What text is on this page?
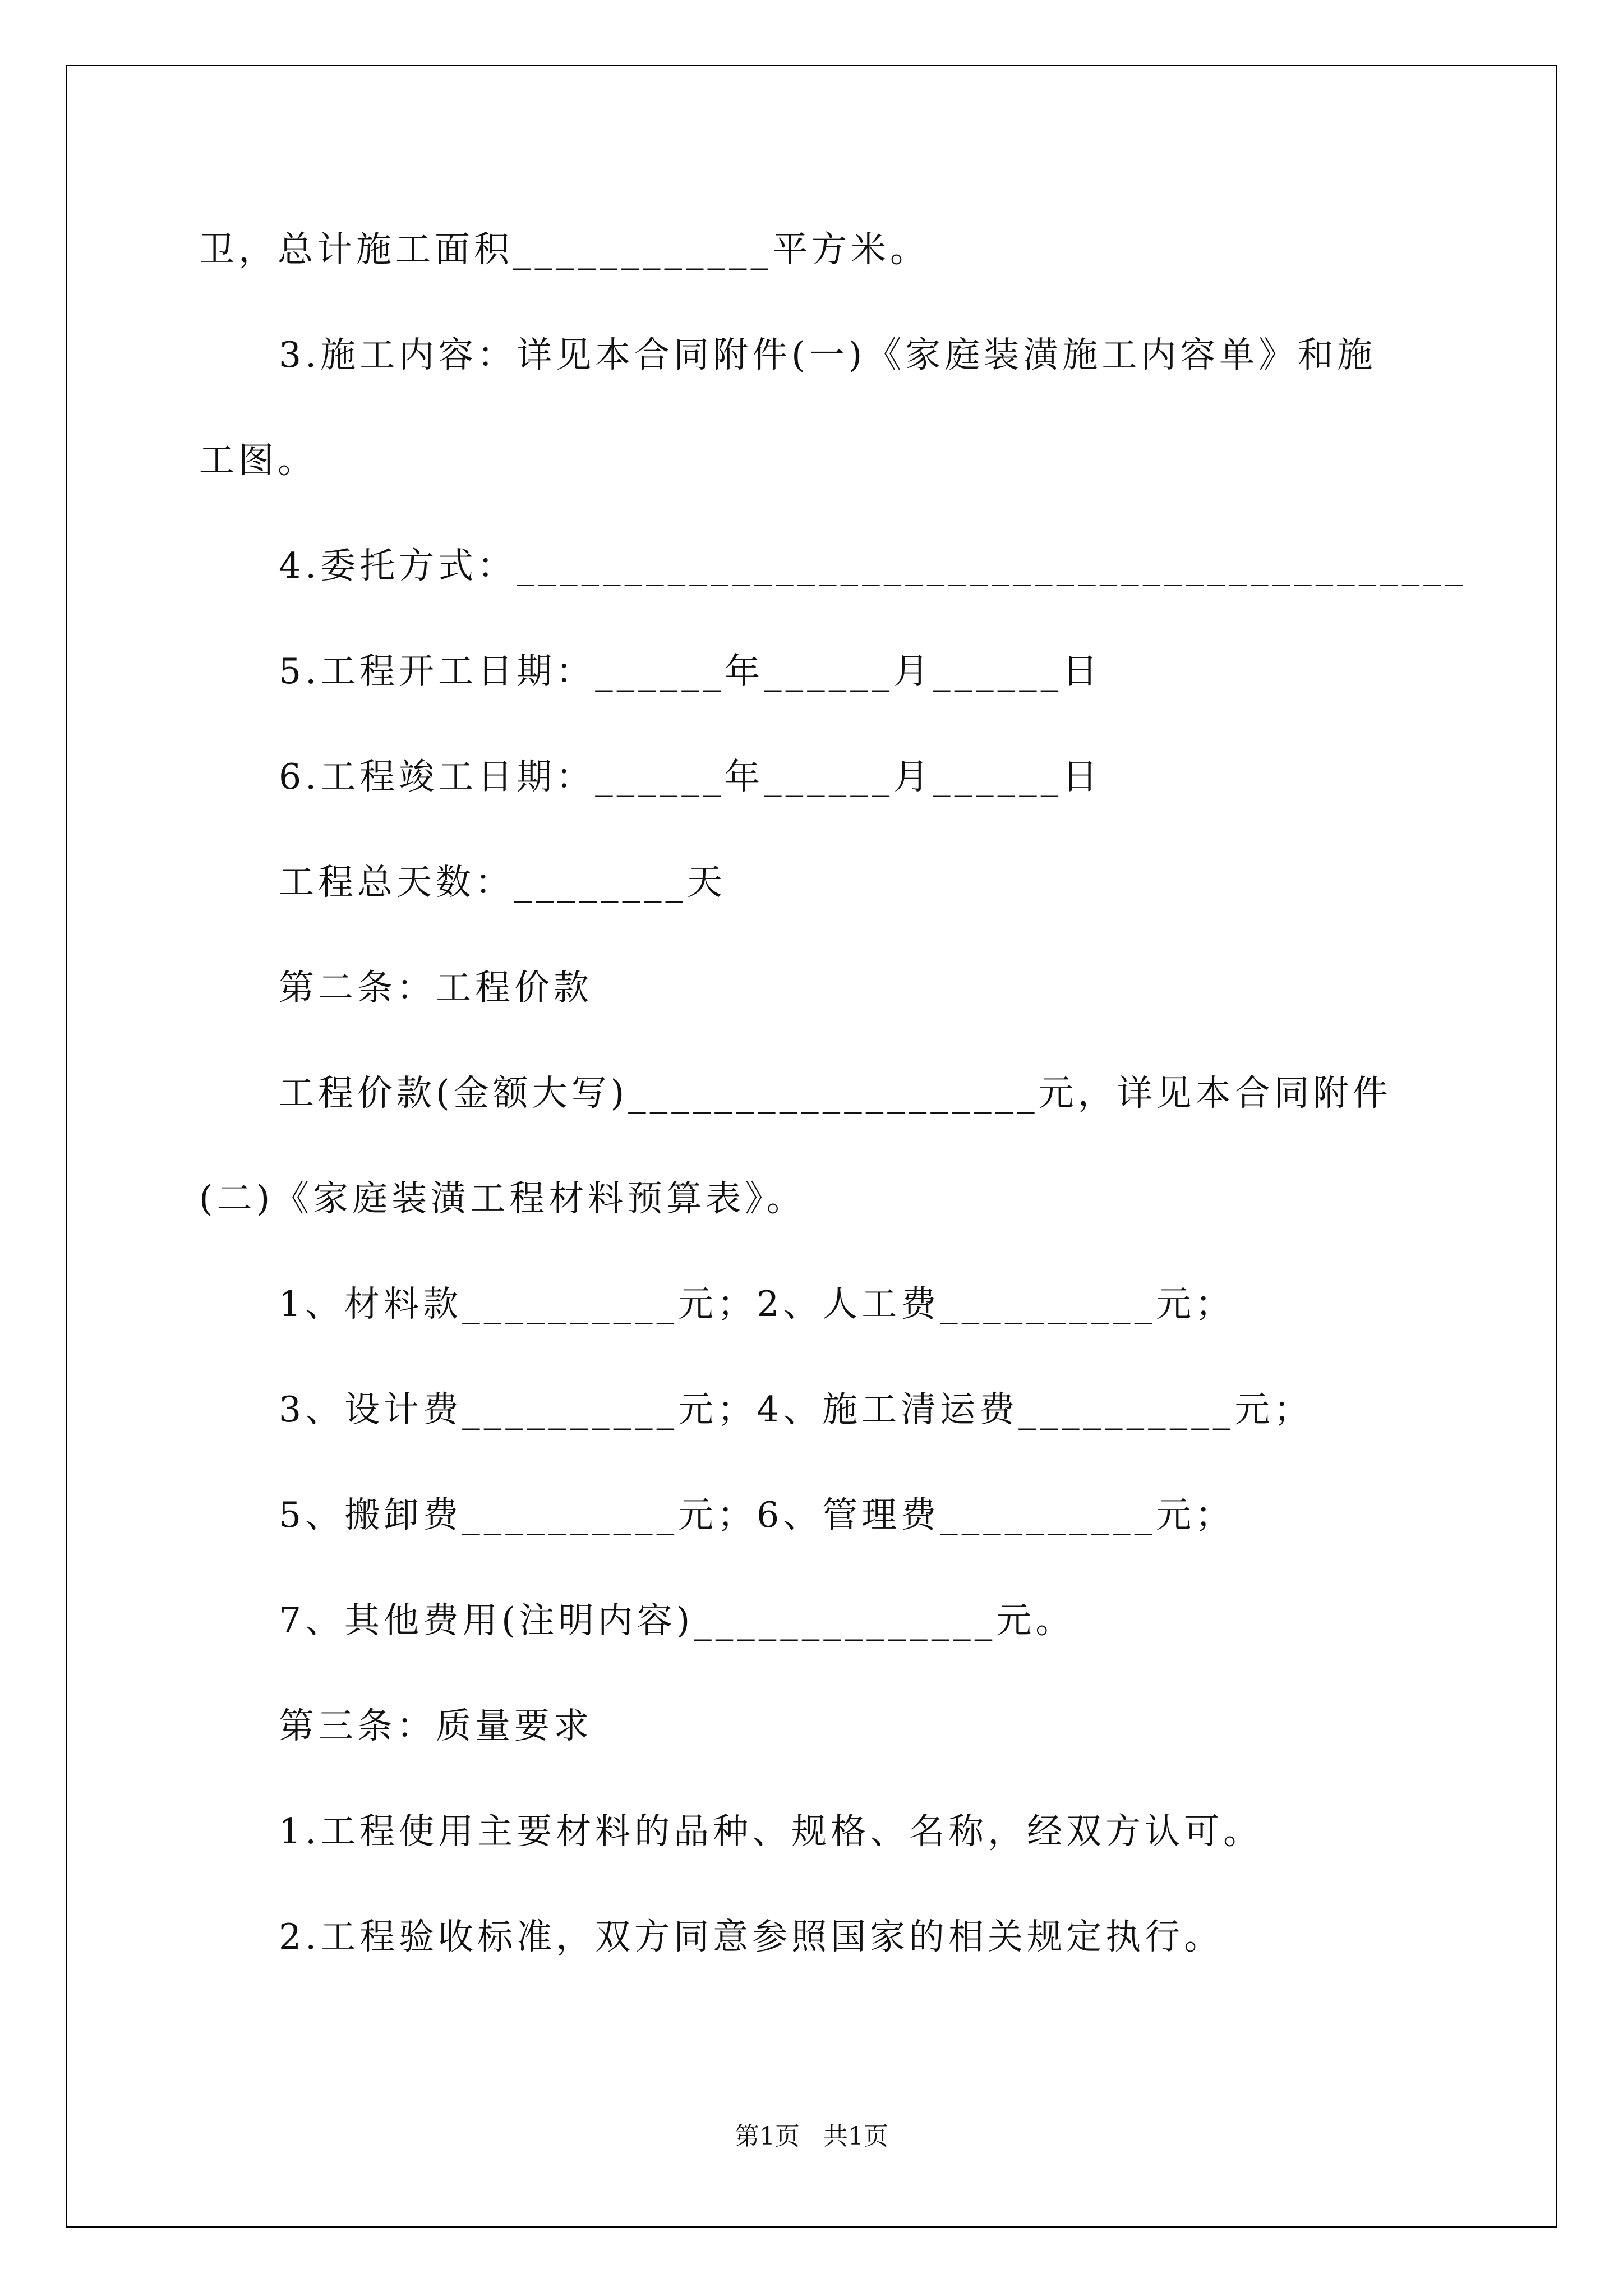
卫，总计施工面积____________平方米。
3.施工内容：详见本合同附件(一)《家庭装潢施工内容单》和施
工图。
4.委托方式：____________________________________________
5.工程开工日期：______年______月______日
6.工程竣工日期：______年______月______日
工程总天数：________天
第二条：工程价款
工程价款(金额大写)___________________元，详见本合同附件
(二)《家庭装潢工程材料预算表》。
1、材料款__________元；2、人工费__________元；
3、设计费__________元；4、施工清运费__________元；
5、搬卸费__________元；6、管理费__________元；
7、其他费用(注明内容)______________元。
第三条：质量要求
1.工程使用主要材料的品种、规格、名称，经双方认可。
2.工程验收标准，双方同意参照国家的相关规定执行。
第1页   共1页
